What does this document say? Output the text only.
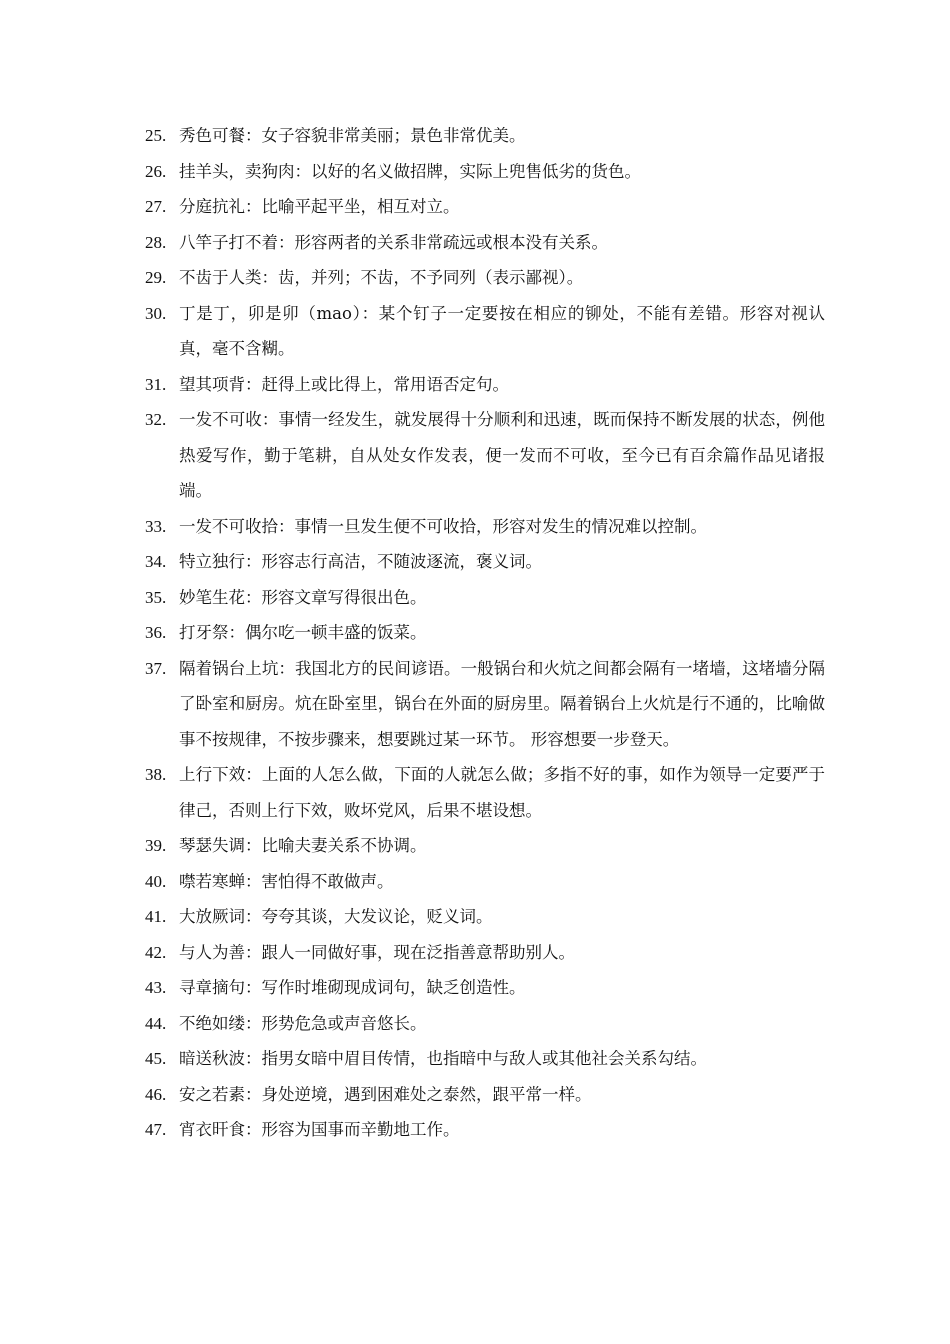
25. 秀色可餐：女子容貌非常美丽；景色非常优美。
26. 挂羊头，卖狗肉：以好的名义做招牌，实际上兜售低劣的货色。
27. 分庭抗礼：比喻平起平坐，相互对立。
28. 八竿子打不着：形容两者的关系非常疏远或根本没有关系。
29. 不齿于人类：齿，并列；不齿，不予同列（表示鄙视）。
30. 丁是丁，卯是卯（mao）：某个钉子一定要按在相应的铆处，不能有差错。形容对视认真，毫不含糊。
31. 望其项背：赶得上或比得上，常用语否定句。
32. 一发不可收：事情一经发生，就发展得十分顺利和迅速，既而保持不断发展的状态，例他热爱写作，勤于笔耕，自从处女作发表，便一发而不可收，至今已有百余篇作品见诸报端。
33. 一发不可收拾：事情一旦发生便不可收拾，形容对发生的情况难以控制。
34. 特立独行：形容志行高洁，不随波逐流，褒义词。
35. 妙笔生花：形容文章写得很出色。
36. 打牙祭：偶尔吃一顿丰盛的饭菜。
37. 隔着锅台上坑：我国北方的民间谚语。一般锅台和火炕之间都会隔有一堵墙，这堵墙分隔了卧室和厨房。炕在卧室里，锅台在外面的厨房里。隔着锅台上火炕是行不通的，比喻做事不按规律，不按步骤来，想要跳过某一环节。 形容想要一步登天。
38. 上行下效：上面的人怎么做，下面的人就怎么做；多指不好的事，如作为领导一定要严于律己，否则上行下效，败坏党风，后果不堪设想。
39. 琴瑟失调：比喻夫妻关系不协调。
40. 噤若寒蝉：害怕得不敢做声。
41. 大放厥词：夸夸其谈，大发议论，贬义词。
42. 与人为善：跟人一同做好事，现在泛指善意帮助别人。
43. 寻章摘句：写作时堆砌现成词句，缺乏创造性。
44. 不绝如缕：形势危急或声音悠长。
45. 暗送秋波：指男女暗中眉目传情，也指暗中与敌人或其他社会关系勾结。
46. 安之若素：身处逆境，遇到困难处之泰然，跟平常一样。
47. 宵衣旰食：形容为国事而辛勤地工作。
